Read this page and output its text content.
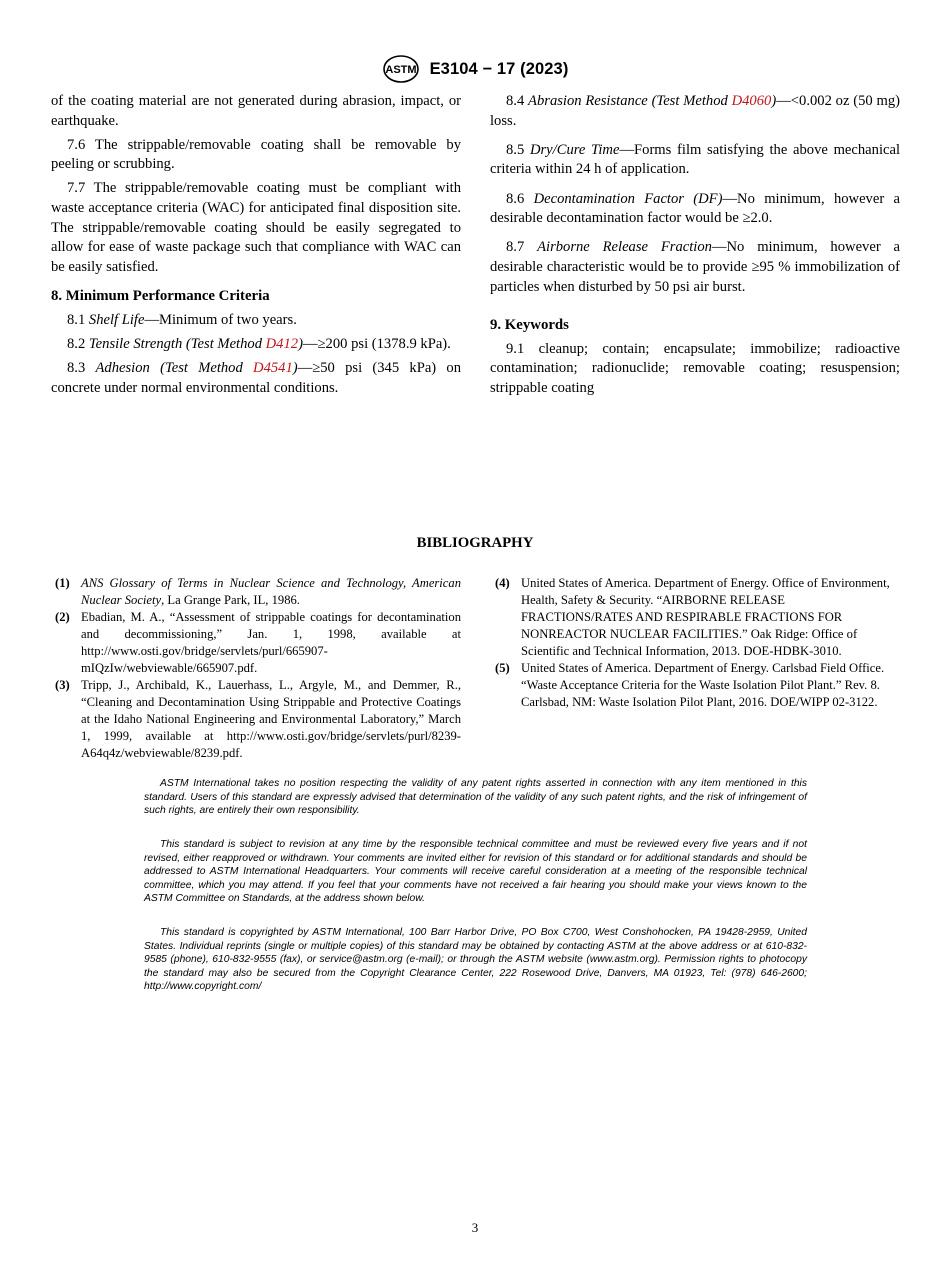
ASTM E3104 − 17 (2023)

of the coating material are not generated during abrasion, impact, or earthquake.

7.6 The strippable/removable coating shall be removable by peeling or scrubbing.

7.7 The strippable/removable coating must be compliant with waste acceptance criteria (WAC) for anticipated final disposition site. The strippable/removable coating should be easily segregated to allow for ease of waste package such that compliance with WAC can be easily satisfied.

8. Minimum Performance Criteria

8.1 Shelf Life—Minimum of two years.

8.2 Tensile Strength (Test Method D412)—≥200 psi (1378.9 kPa).

8.3 Adhesion (Test Method D4541)—≥50 psi (345 kPa) on concrete under normal environmental conditions.

8.4 Abrasion Resistance (Test Method D4060)—<0.002 oz (50 mg) loss.

8.5 Dry/Cure Time—Forms film satisfying the above mechanical criteria within 24 h of application.

8.6 Decontamination Factor (DF)—No minimum, however a desirable decontamination factor would be ≥2.0.

8.7 Airborne Release Fraction—No minimum, however a desirable characteristic would be to provide ≥95 % immobilization of particles when disturbed by 50 psi air burst.

9. Keywords

9.1 cleanup; contain; encapsulate; immobilize; radioactive contamination; radionuclide; removable coating; resuspension; strippable coating

BIBLIOGRAPHY
(1) ANS Glossary of Terms in Nuclear Science and Technology, American Nuclear Society, La Grange Park, IL, 1986.
(2) Ebadian, M. A., “Assessment of strippable coatings for decontamination and decommissioning,” Jan. 1, 1998, available at http://www.osti.gov/bridge/servlets/purl/665907-mIQzIw/webviewable/665907.pdf.
(3) Tripp, J., Archibald, K., Lauerhass, L., Argyle, M., and Demmer, R., “Cleaning and Decontamination Using Strippable and Protective Coatings at the Idaho National Engineering and Environmental Laboratory,” March 1, 1999, available at http://www.osti.gov/bridge/servlets/purl/8239-A64q4z/webviewable/8239.pdf.
(4) United States of America. Department of Energy. Office of Environment, Health, Safety & Security. “AIRBORNE RELEASE FRACTIONS/RATES AND RESPIRABLE FRACTIONS FOR NONREACTOR NUCLEAR FACILITIES.” Oak Ridge: Office of Scientific and Technical Information, 2013. DOE-HDBK-3010.
(5) United States of America. Department of Energy. Carlsbad Field Office. “Waste Acceptance Criteria for the Waste Isolation Pilot Plant.” Rev. 8. Carlsbad, NM: Waste Isolation Pilot Plant, 2016. DOE/WIPP 02-3122.
ASTM International takes no position respecting the validity of any patent rights asserted in connection with any item mentioned in this standard. Users of this standard are expressly advised that determination of the validity of any such patent rights, and the risk of infringement of such rights, are entirely their own responsibility.
This standard is subject to revision at any time by the responsible technical committee and must be reviewed every five years and if not revised, either reapproved or withdrawn. Your comments are invited either for revision of this standard or for additional standards and should be addressed to ASTM International Headquarters. Your comments will receive careful consideration at a meeting of the responsible technical committee, which you may attend. If you feel that your comments have not received a fair hearing you should make your views known to the ASTM Committee on Standards, at the address shown below.
This standard is copyrighted by ASTM International, 100 Barr Harbor Drive, PO Box C700, West Conshohocken, PA 19428-2959, United States. Individual reprints (single or multiple copies) of this standard may be obtained by contacting ASTM at the above address or at 610-832-9585 (phone), 610-832-9555 (fax), or service@astm.org (e-mail); or through the ASTM website (www.astm.org). Permission rights to photocopy the standard may also be secured from the Copyright Clearance Center, 222 Rosewood Drive, Danvers, MA 01923, Tel: (978) 646-2600; http://www.copyright.com/
3
